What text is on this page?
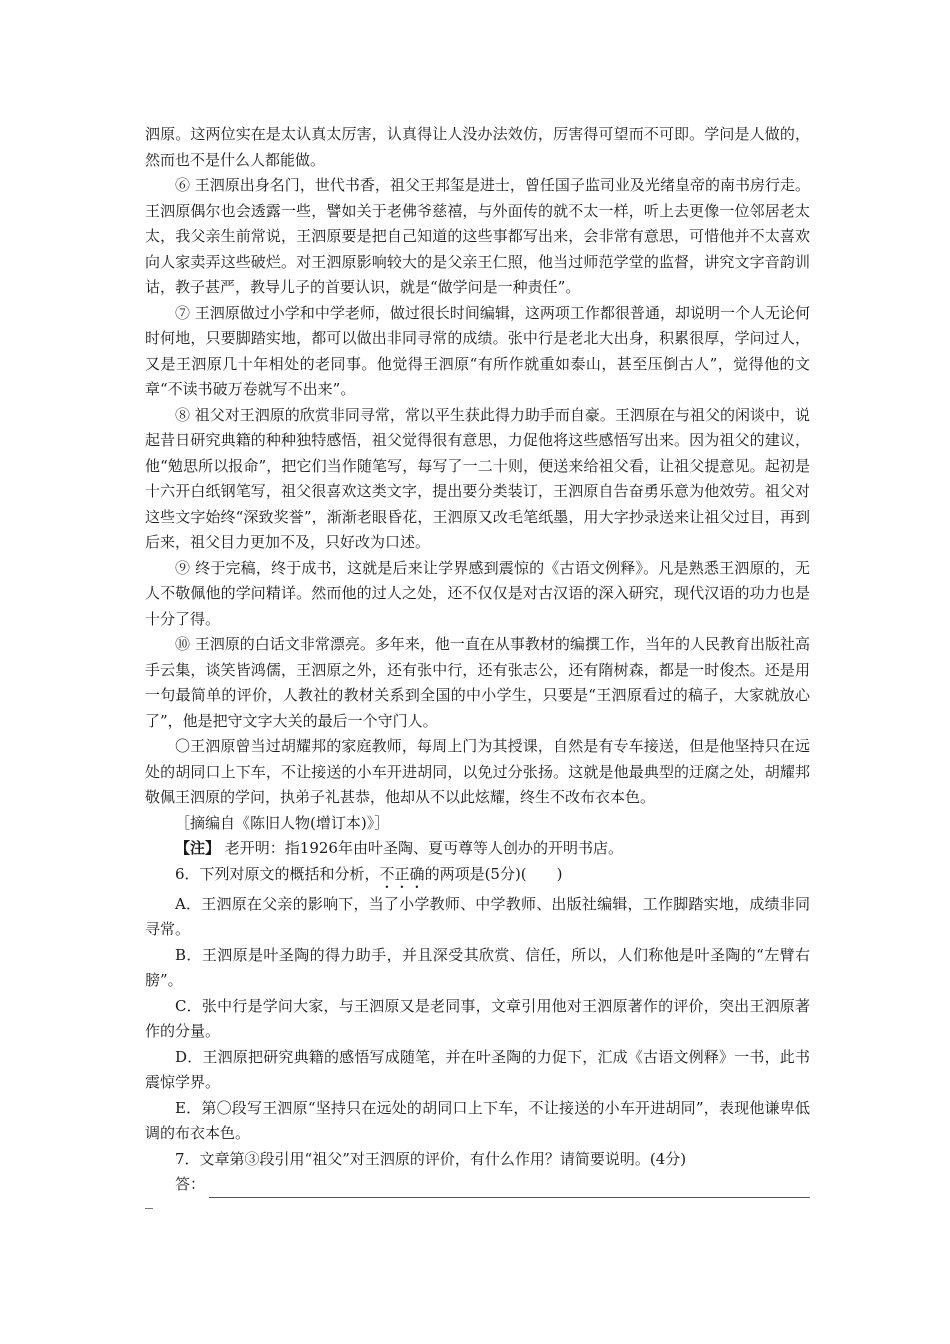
泗原。这两位实在是太认真太厉害，认真得让人没办法效仿，厉害得可望而不可即。学问是人做的，然而也不是什么人都能做。

⑥ 王泗原出身名门，世代书香，祖父王邦玺是进士，曾任国子监司业及光绪皇帝的南书房行走。王泗原偶尔也会透露一些，譬如关于老佛爷慈禧，与外面传的就不太一样，听上去更像一位邻居老太太，我父亲生前常说，王泗原要是把自己知道的这些事都写出来，会非常有意思，可惜他并不太喜欢向人家卖弄这些破烂。对王泗原影响较大的是父亲王仁照，他当过师范学堂的监督，讲究文字音韵训诂，教子甚严，教导儿子的首要认识，就是“做学问是一种责任”。

⑦ 王泗原做过小学和中学老师，做过很长时间编辑，这两项工作都很普通，却说明一个人无论何时何地，只要脚踏实地，都可以做出非同寻常的成绩。张中行是老北大出身，积累很厚，学问过人，又是王泗原几十年相处的老同事。他觉得王泗原“有所作就重如泰山，甚至压倒古人”，觉得他的文章“不读书破万卷就写不出来”。

⑧ 祖父对王泗原的欣赏非同寻常，常以平生获此得力助手而自豪。王泗原在与祖父的闲谈中，说起昔日研究典籍的种种独特感悟，祖父觉得很有意思，力促他将这些感悟写出来。因为祖父的建议，他“勉思所以报命”，把它们当作随笔写，每写了一二十则，便送来给祖父看，让祖父提意见。起初是十六开白纸钢笔写，祖父很喜欢这类文字，提出要分类装订，王泗原自告奋勇乐意为他效劳。祖父对这些文字始终“深致奖誉”，渐渐老眼昏花，王泗原又改毛笔纸墨，用大字抄录送来让祖父过目，再到后来，祖父目力更加不及，只好改为口述。

⑨ 终于完稿，终于成书，这就是后来让学界感到震惊的《古语文例释》。凡是熟悉王泗原的，无人不敬佩他的学问精详。然而他的过人之处，还不仅仅是对古汉语的深入研究，现代汉语的功力也是十分了得。

⑩ 王泗原的白话文非常漂亮。多年来，他一直在从事教材的编撰工作，当年的人民教育出版社高手云集，谈笑皆鸿儒，王泗原之外，还有张中行，还有张志公，还有隋树森，都是一时俊杰。还是用一句最简单的评价，人教社的教材关系到全国的中小学生，只要是“王泗原看过的稿子，大家就放心了”，他是把守文字大关的最后一个守门人。

〇王泗原曾当过胡耀邦的家庭教师，每周上门为其授课，自然是有专车接送，但是他坚持只在远处的胡同口上下车，不让接送的小车开进胡同，以免过分张扬。这就是他最典型的迂腐之处，胡耀邦敬佩王泗原的学问，执弟子礼甚恭，他却从不以此炫耀，终生不改布衣本色。

［摘编自《陈旧人物(增订本)》］

【注】 老开明：指1926年由叶圣陶、夏丏尊等人创办的开明书店。

6．下列对原文的概括和分析，不正确的两项是(5分)(　　)

A．王泗原在父亲的影响下，当了小学教师、中学教师、出版社编辑，工作脚踏实地，成绩非同寻常。

B．王泗原是叶圣陶的得力助手，并且深受其欣赏、信任，所以，人们称他是叶圣陶的“左臂右膀”。

C．张中行是学问大家，与王泗原又是老同事，文章引用他对王泗原著作的评价，突出王泗原著作的分量。

D．王泗原把研究典籍的感悟写成随笔，并在叶圣陶的力促下，汇成《古语文例释》一书，此书震惊学界。

E．第〇段写王泗原“坚持只在远处的胡同口上下车，不让接送的小车开进胡同”，表现他谦卑低调的布衣本色。

7．文章第③段引用“祖父”对王泗原的评价，有什么作用？请简要说明。(4分)

答：
